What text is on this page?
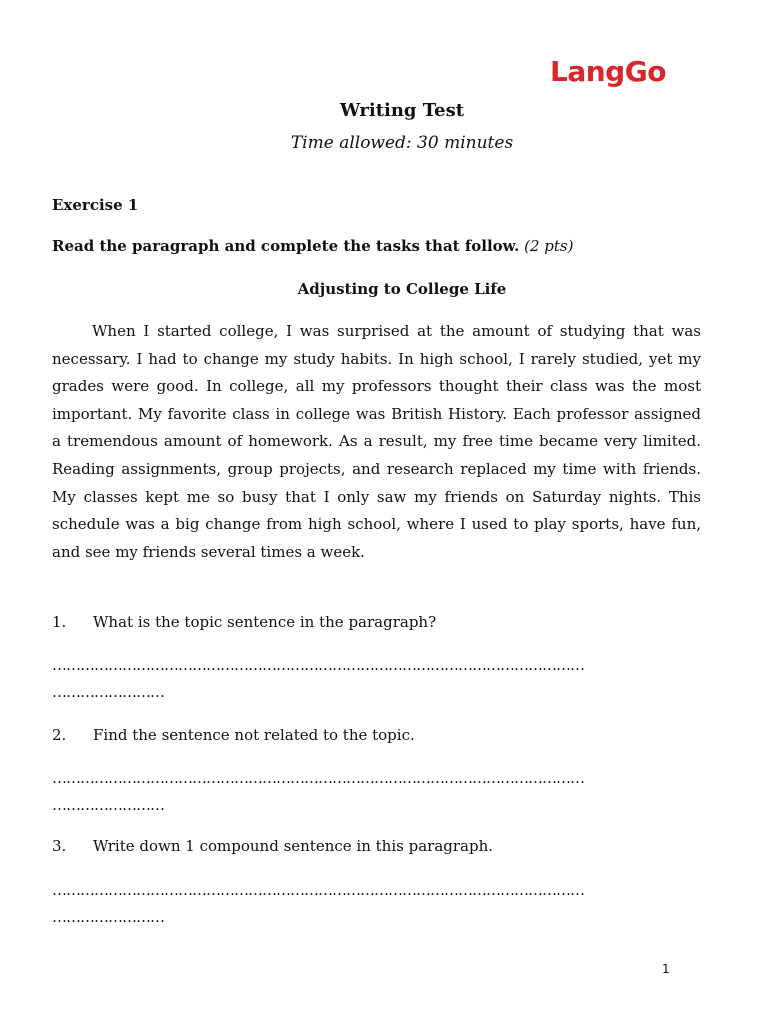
LangGo
Writing Test
Time allowed: 30 minutes
Exercise 1
Read the paragraph and complete the tasks that follow. (2 pts)
Adjusting to College Life

When I started college, I was surprised at the amount of studying that was necessary. I had to change my study habits. In high school, I rarely studied, yet my grades were good. In college, all my professors thought their class was the most important. My favorite class in college was British History. Each professor assigned a tremendous amount of homework. As a result, my free time became very limited. Reading assignments, group projects, and research replaced my time with friends. My classes kept me so busy that I only saw my friends on Saturday nights. This schedule was a big change from high school, where I used to play sports, have fun, and see my friends several times a week.

1.	What is the topic sentence in the paragraph?
……………………………………………………………………………………………………
……………………
2.	Find the sentence not related to the topic.
……………………………………………………………………………………………………
……………………
3.	Write down 1 compound sentence in this paragraph.
……………………………………………………………………………………………………
……………………
1
